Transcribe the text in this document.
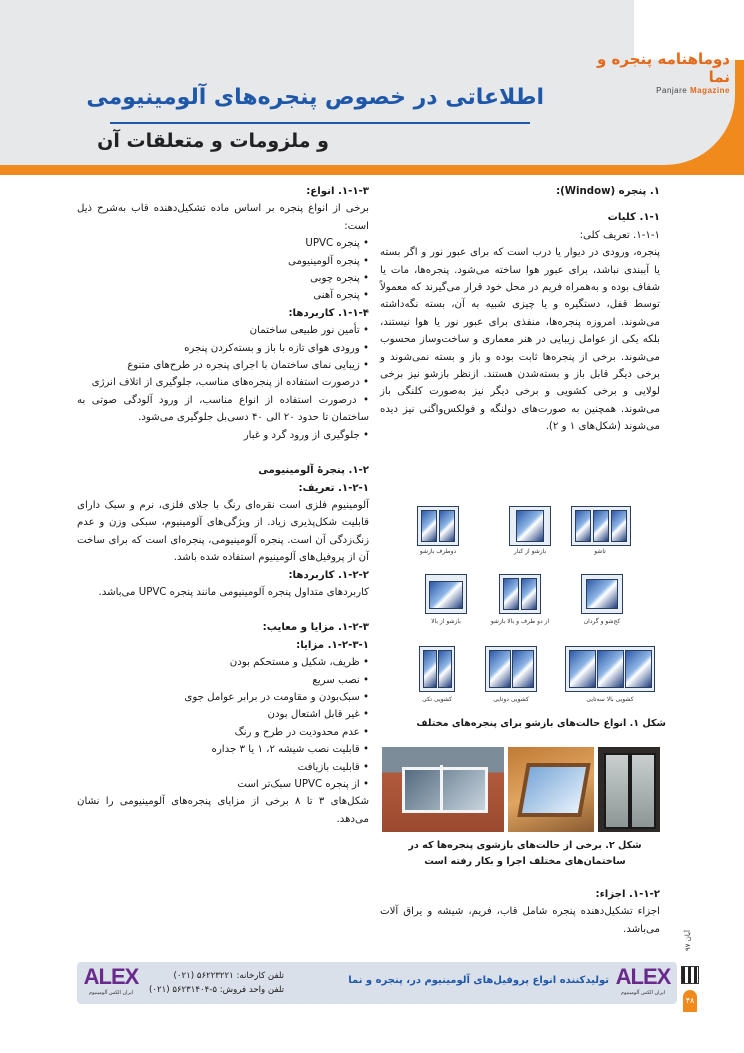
دوماهنامه پنجره و نما
Panjare Magazine
اطلاعاتی در خصوص پنجره‌های آلومینیومی
و ملزومات و متعلقات آن

۱-۱-۳. انواع:

برخی از انواع پنجره بر اساس ماده تشکیل‌دهنده قاب به‌شرح ذیل است:

• پنجره UPVC

• پنجره آلومینیومی

• پنجره چوبی

• پنجره آهنی

۱-۱-۴. کاربردها:

• تأمین نور طبیعی ساختمان

• ورودی هوای تازه با باز و بسته‌کردن پنجره

• زیبایی نمای ساختمان با اجرای پنجره در طرح‌های متنوع

• درصورت استفاده از پنجره‌های مناسب، جلوگیری از اتلاف انرژی

• درصورت استفاده از انواع مناسب، از ورود آلودگی صوتی به ساختمان تا حدود ۲۰ الی ۴۰ دسی‌بل جلوگیری می‌شود.

• جلوگیری از ورود گرد و غبار

۱-۲. پنجرۀ آلومینیومی

۱-۲-۱. تعریف:

آلومینیوم فلزی است نقره‌ای رنگ با جلای فلزی، نرم و سبک دارای قابلیت شکل‌پذیری زیاد. از ویژگی‌های آلومینیوم، سبکی وزن و عدم زنگ‌زدگی آن است. پنجره آلومینیومی، پنجره‌ای است که برای ساخت آن از پروفیل‌های آلومینیوم استفاده شده باشد.

۱-۲-۲. کاربردها:

کاربردهای متداول پنجره آلومینیومی مانند پنجره UPVC می‌باشد.

۱-۲-۳. مزایا و معایب:

۱-۲-۳-۱. مزایا:

• ظریف، شکیل و مستحکم بودن

• نصب سریع

• سبک‌بودن و مقاومت در برابر عوامل جوی

• غیر قابل اشتعال بودن

• عدم محدودیت در طرح و رنگ

• قابلیت نصب شیشه ۲، ۱ یا ۳ جداره

• قابلیت بازیافت

• از پنجره UPVC سبک‌تر است

شکل‌های ۳ تا ۸ برخی از مزایای پنجره‌های آلومینیومی را نشان می‌دهد.

۱. پنجره (Window):

۱-۱. کلیات

۱-۱-۱. تعریف کلی:

پنجره، ورودی در دیوار یا درب است که برای عبور نور و اگر بسته یا آببندی نباشد، برای عبور هوا ساخته می‌شود. پنجره‌ها، مات یا شفاف بوده و به‌همراه فریم در محل خود قرار می‌گیرند که معمولاً توسط قفل، دستگیره و یا چیزی شبیه به آن، بسته نگه‌داشته می‌شوند. امروزه پنجره‌ها، منفذی برای عبور نور یا هوا نیستند، بلکه یکی از عوامل زیبایی در هنر معماری و ساخت‌وساز محسوب می‌شوند. برخی از پنجره‌ها ثابت بوده و باز و بسته نمی‌شوند و برخی دیگر قابل باز و بسته‌شدن هستند. ازنظر بازشو نیز برخی لولایی و برخی کشویی و برخی دیگر نیز به‌صورت کلنگی باز می‌شوند. همچنین به صورت‌های دولنگه و فولکس‌واگنی نیز دیده می‌شوند (شکل‌های ۱ و ۲).

دوطرف بازشو	بازشو از کنار	تاشو
بازشو از بالا	از دو طرف و بالا بازشو	کج‌شو و گردان
کشویی تکی	کشویی دوتایی	کشویی بالا سه‌تایی
شکل ۱. انواع حالت‌های بازشو برای پنجره‌های مختلف
شکل ۲. برخی از حالت‌های بازشوی پنجره‌ها که در ساختمان‌های مختلف اجرا و بکار رفته است

۱-۱-۲. اجزاء:

اجزاء تشکیل‌دهنده پنجره شامل قاب، فریم، شیشه و یراق آلات می‌باشد.

ALEX
ایران الکس آلومینیوم
تولیدکننده انواع پروفیل‌های آلومینیوم در، پنجره و نما
تلفن کارخانه: ۵۶۲۲۳۲۲۱ (۰۲۱)
تلفن واحد فروش: ۵-۵۶۲۳۱۴۰۴ (۰۲۱)
ALEX
ایران الکس آلومینیوم
آبان ۹۷
۴۸
